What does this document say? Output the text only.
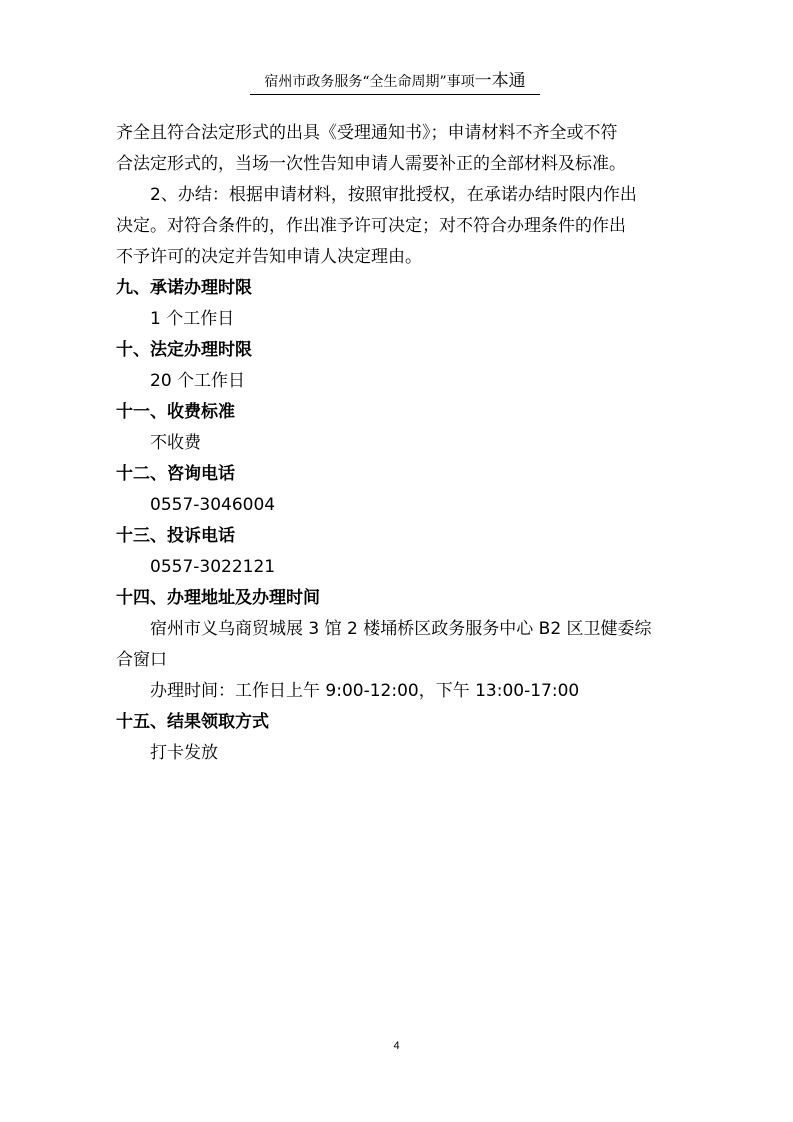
宿州市政务服务“全生命周期”事项一本通

齐全且符合法定形式的出具《受理通知书》；申请材料不齐全或不符

合法定形式的，当场一次性告知申请人需要补正的全部材料及标准。

2、办结：根据申请材料，按照审批授权，在承诺办结时限内作出

决定。对符合条件的，作出准予许可决定；对不符合办理条件的作出

不予许可的决定并告知申请人决定理由。

九、承诺办理时限

1 个工作日

十、法定办理时限

20 个工作日

十一、收费标准

不收费

十二、咨询电话

0557-3046004

十三、投诉电话

0557-3022121

十四、办理地址及办理时间

宿州市义乌商贸城展 3 馆 2 楼埇桥区政务服务中心 B2 区卫健委综

合窗口

办理时间：工作日上午 9:00-12:00，下午 13:00-17:00

十五、结果领取方式

打卡发放

4
